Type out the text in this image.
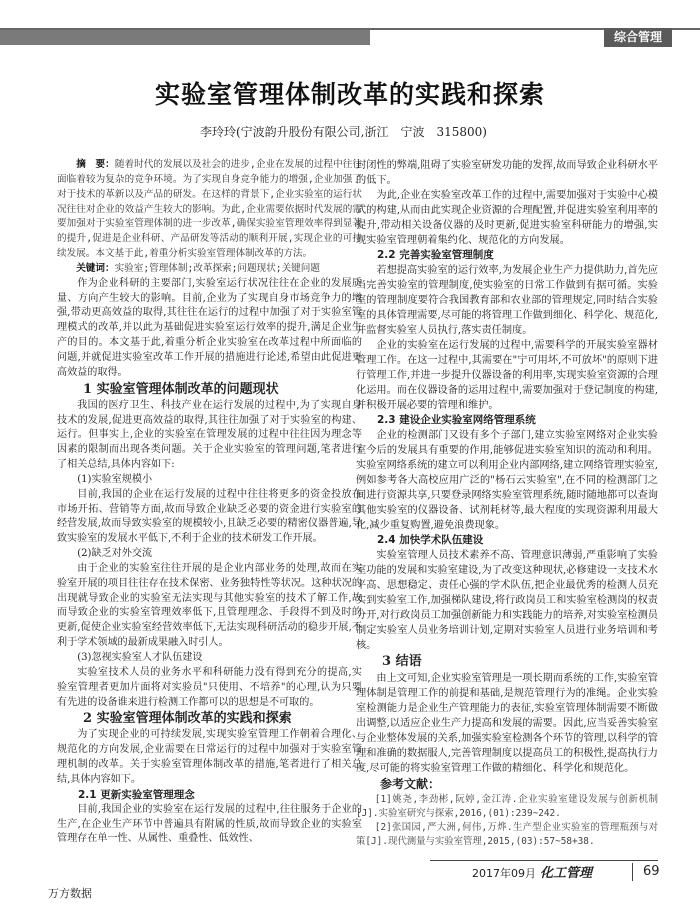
综合管理
实验室管理体制改革的实践和探索
李玲玲(宁波韵升股份有限公司,浙江　宁波　315800)

摘　要：随着时代的发展以及社会的进步,企业在发展的过程中往往面临着较为复杂的竞争环境。为了实现自身竞争能力的增强,企业加强了对于技术的革新以及产品的研发。在这样的背景下,企业实验室的运行状况往往对企业的效益产生较大的影响。为此,企业需要依据时代发展的需要加强对于实验室管理体制的进一步改革,确保实验室管理效率得到显著的提升,促进是企业科研、产品研发等活动的顺利开展,实现企业的可持续发展。本文基于此,着重分析实验室管理体制改革的方法。

关键词：实验室;管理体制;改革探索;问题现状;关键问题

作为企业科研的主要部门,实验室运行状况往往在企业的发展质量、方向产生较大的影响。目前,企业为了实现自身市场竞争力的增强,带动更高效益的取得,其往往在运行的过程中加强了对于实验室管理模式的改革,并以此为基础促进实验室运行效率的提升,满足企业生产的目的。本文基于此,着重分析企业实验室在改革过程中所面临的问题,并就促进实验室改革工作开展的措施进行论述,希望由此促进更高效益的取得。

1 实验室管理体制改革的问题现状

我国的医疗卫生、科技产业在运行发展的过程中,为了实现自身技术的发展,促进更高效益的取得,其往往加强了对于实验室的构建、运行。但事实上,企业的实验室在管理发展的过程中往往因为理念等因素的限制而出现各类问题。关于企业实验室的管理问题,笔者进行了相关总结,具体内容如下:

(1)实验室规模小

目前,我国的企业在运行发展的过程中往往将更多的资金投放在市场开拓、营销等方面,故而导致企业缺乏必要的资金进行实验室的经营发展,故而导致实验室的规模较小,且缺乏必要的精密仪器普遍,导致实验室的发展水平低下,不利于企业的技术研发工作开展。

(2)缺乏对外交流

由于企业的实验室往往开展的是企业内部业务的处理,故而在实验室开展的项目往往存在技术保密、业务独特性等状况。这种状况的出现就导致企业的实验室无法实现与其他实验室的技术了解工作,故而导致企业的实验室管理效率低下,且管理理念、手段得不到及时的更新,促使企业实验室经营效率低下,无法实现科研活动的稳步开展,不利于学术领域的最新成果融入时引人。

(3)忽视实验室人才队伍建设

实验室技术人员的业务水平和科研能力没有得到充分的提高,实验室管理者更加片面将对实验员"只使用、不培养"的心理,认为只要有先进的设备谁来进行检测工作都可以的思想是不可取的。

2 实验室管理体制改革的实践和探索

为了实现企业的可持续发展,实现实验室管理工作朝着合理化、规范化的方向发展,企业需要在日常运行的过程中加强对于实验室管理机制的改革。关于实验室管理体制改革的措施,笔者进行了相关总结,具体内容如下。

2.1 更新实验室管理理念

目前,我国企业的实验室在运行发展的过程中,往往服务于企业的生产,在企业生产环节中普遍具有附属的性质,故而导致企业的实验室管理存在单一性、从属性、重叠性、低效性、

封闭性的弊端,阻碍了实验室研发功能的发挥,故而导致企业科研水平的低下。

为此,企业在实验室改革工作的过程中,需要加强对于实验中心模式的构建,从而由此实现企业资源的合理配置,并促进实验室利用率的提升,带动相关设备仪器的及时更新,促进实验室科研能力的增强,实现实验室管理朝着集约化、规范化的方向发展。

2.2 完善实验室管理制度

若想提高实验室的运行效率,为发展企业生产力提供助力,首先应当完善实验室的管理制度,使实验室的日常工作做到有据可循。实验室的管理制度要符合我国教育部和农业部的管理规定,同时结合实验室的具体管理需要,尽可能的将管理工作做到细化、科学化、规范化,并监督实验室人员执行,落实责任制度。

企业的实验室在运行发展的过程中,需要科学的开展实验室器材管理工作。在这一过程中,其需要在"宁可用坏,不可放坏"的原则下进行管理工作,并进一步提升仪器设备的利用率,实现实验室资源的合理化运用。而在仪器设备的运用过程中,需要加强对于登记制度的构建,并积极开展必要的管理和维护。

2.3 建设企业实验室网络管理系统

企业的检测部门又设有多个子部门,建立实验室网络对企业实验室今后的发展具有重要的作用,能够促进实验室知识的流动和利用。实验室网络系统的建立可以利用企业内部网络,建立网络管理实验室,例如参考各大高校应用广泛的"杨石云实验室",在不同的检测部门之间进行资源共享,只要登录网络实验室管理系统,随时随地都可以查询其他实验室的仪器设备、试剂耗材等,最大程度的实现资源利用最大化,减少重复购置,避免浪费现象。

2.4 加快学术队伍建设

实验室管理人员技术素养不高、管理意识薄弱,严重影响了实验室功能的发展和实验室建设,为了改变这种现状,必修建设一支技术水平高、思想稳定、责任心强的学术队伍,把企业最优秀的检测人员充实到实验室工作,加强梯队建设,将行政岗员工和实验室检测岗的权责分开,对行政岗员工加强创新能力和实践能力的培养,对实验室检测员制定实验室人员业务培训计划,定期对实验室人员进行业务培训和考核。

3 结语

由上文可知,企业实验室管理是一项长期而系统的工作,实验室管理体制是管理工作的前提和基础,是规范管理行为的准绳。企业实验室检测能力是企业生产管理能力的表征,实验室管理体制需要不断做出调整,以适应企业生产力提高和发展的需要。因此,应当妥善实验室与企业整体发展的关系,加强实验室检测各个环节的管理,以科学的管理和准确的数据服人,完善管理制度以提高员工的积极性,提高执行力度,尽可能的将实验室管理工作做的精细化、科学化和规范化。

参考文献：

[1]姚尧,李劲彬,阮婷,金江涛.企业实验室建设发展与创新机制[J].实验室研究与探索,2016,(01):239~242.

[2]张国园,严大洲,何伟,万烨.生产型企业实验室的管理瓶颈与对策[J].现代测量与实验室管理,2015,(03):57~58+38.

2017年09月 化工管理	69
万方数据
